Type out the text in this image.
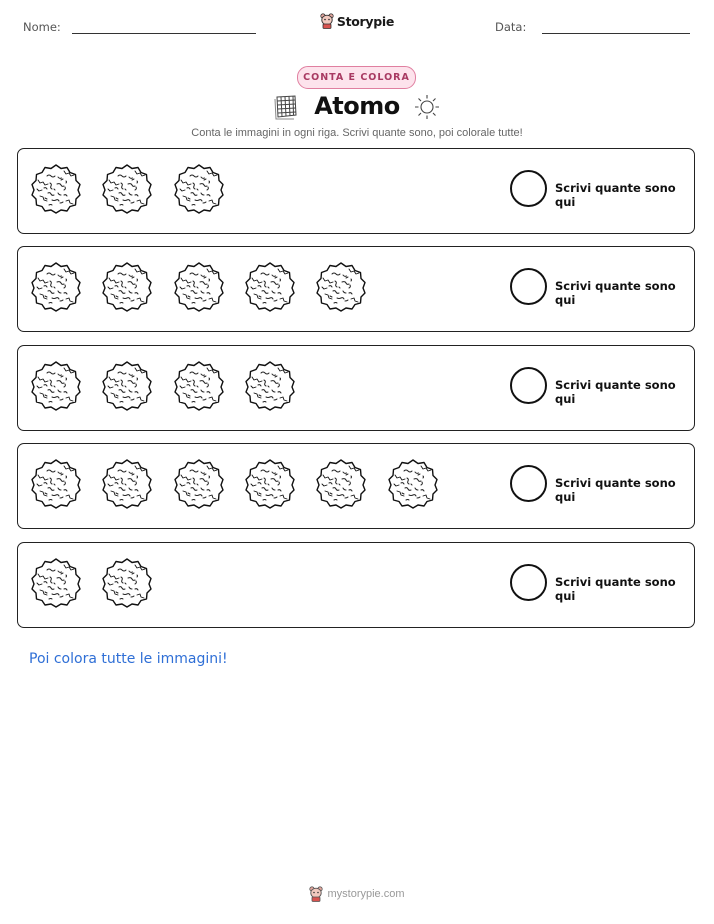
Nome:	Data:
Storypie
CONTA E COLORA
Atomo
Conta le immagini in ogni riga. Scrivi quante sono, poi colorale tutte!
Scrivi quante sono qui
Scrivi quante sono qui
Scrivi quante sono qui
Scrivi quante sono qui
Scrivi quante sono qui
Poi colora tutte le immagini!
mystorypie.com
